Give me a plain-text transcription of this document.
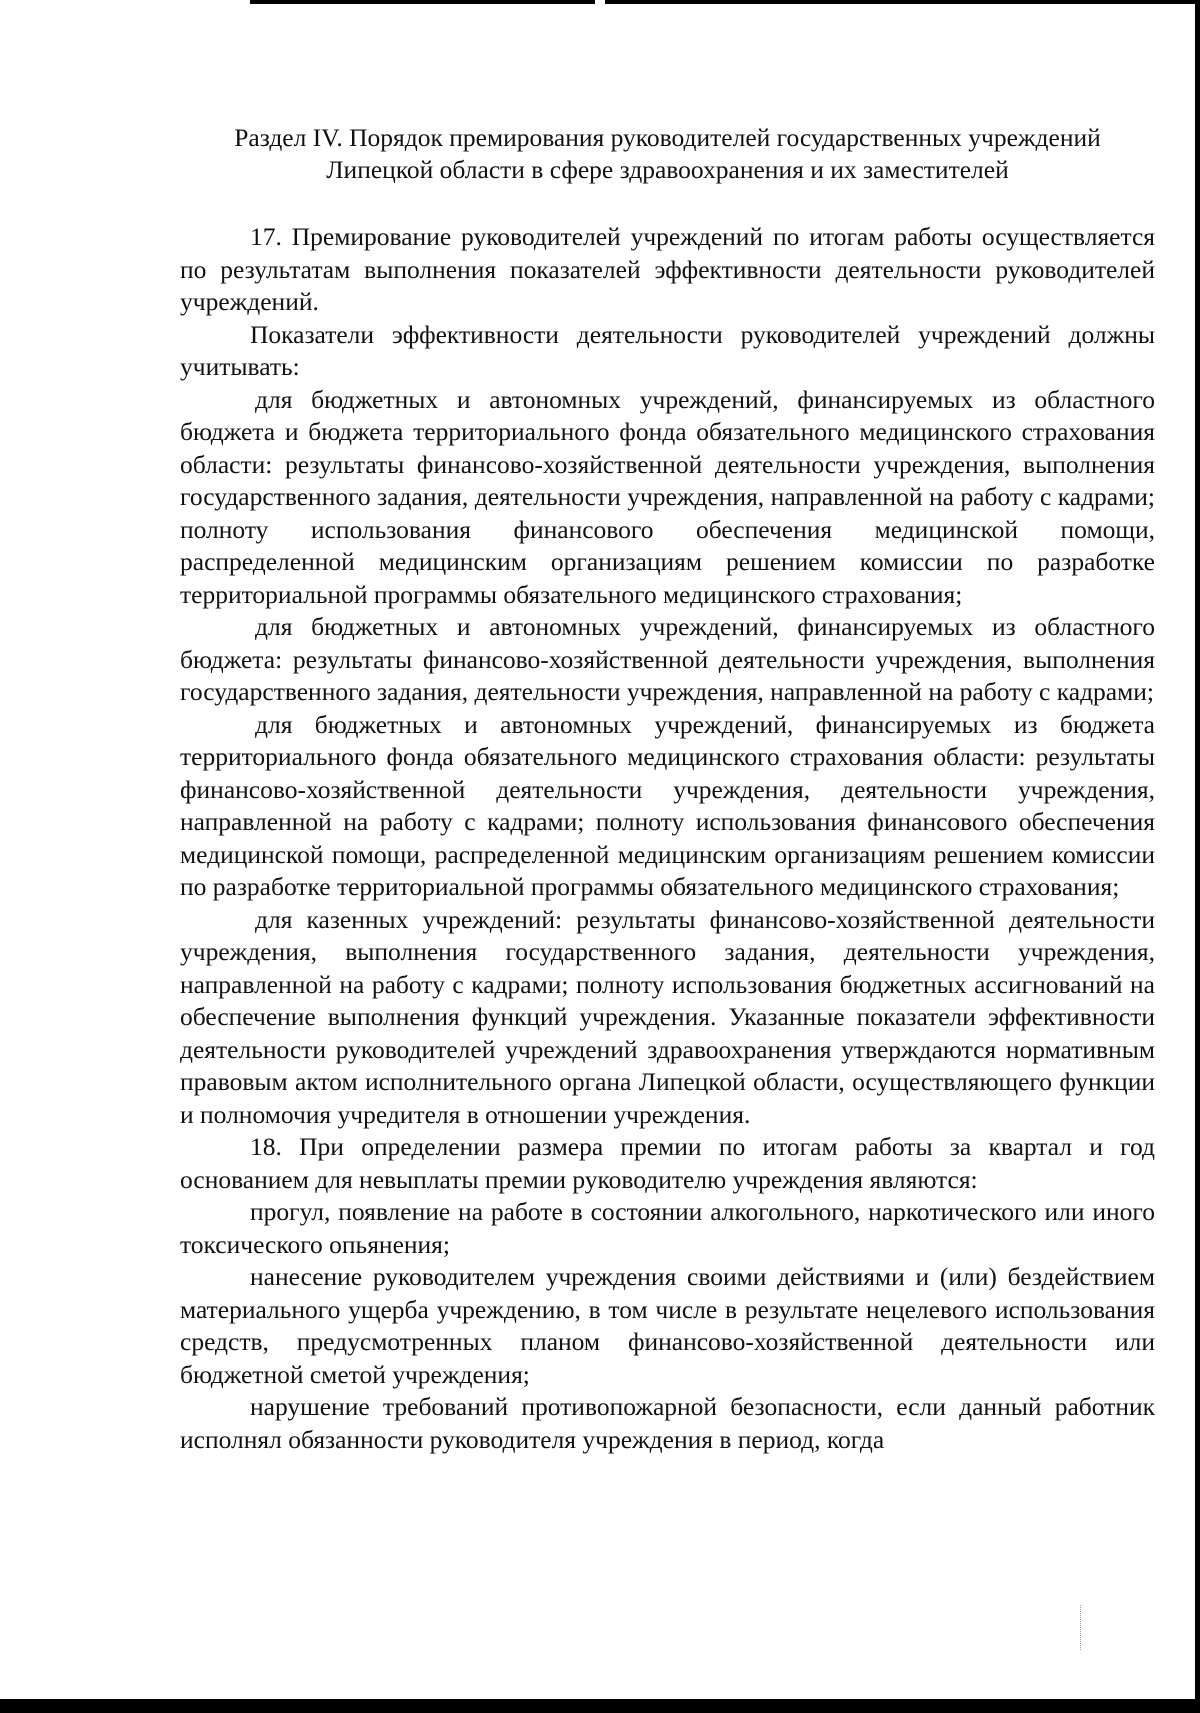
Раздел IV. Порядок премирования руководителей государственных учреждений
Липецкой области в сфере здравоохранения и их заместителей

17. Премирование руководителей учреждений по итогам работы осуществляется по результатам выполнения показателей эффективности деятельности руководителей учреждений.

Показатели эффективности деятельности руководителей учреждений должны учитывать:

для бюджетных и автономных учреждений, финансируемых из областного бюджета и бюджета территориального фонда обязательного медицинского страхования области: результаты финансово-хозяйственной деятельности учреждения, выполнения государственного задания, деятельности учреждения, направленной на работу с кадрами; полноту использования финансового обеспечения медицинской помощи, распределенной медицинским организациям решением комиссии по разработке территориальной программы обязательного медицинского страхования;

для бюджетных и автономных учреждений, финансируемых из областного бюджета: результаты финансово-хозяйственной деятельности учреждения, выполнения государственного задания, деятельности учреждения, направленной на работу с кадрами;

для бюджетных и автономных учреждений, финансируемых из бюджета территориального фонда обязательного медицинского страхования области: результаты финансово-хозяйственной деятельности учреждения, деятельности учреждения, направленной на работу с кадрами; полноту использования финансового обеспечения медицинской помощи, распределенной медицинским организациям решением комиссии по разработке территориальной программы обязательного медицинского страхования;

для казенных учреждений: результаты финансово-хозяйственной деятельности учреждения, выполнения государственного задания, деятельности учреждения, направленной на работу с кадрами; полноту использования бюджетных ассигнований на обеспечение выполнения функций учреждения. Указанные показатели эффективности деятельности руководителей учреждений здравоохранения утверждаются нормативным правовым актом исполнительного органа Липецкой области, осуществляющего функции и полномочия учредителя в отношении учреждения.

18. При определении размера премии по итогам работы за квартал и год основанием для невыплаты премии руководителю учреждения являются:

прогул, появление на работе в состоянии алкогольного, наркотического или иного токсического опьянения;

нанесение руководителем учреждения своими действиями и (или) бездействием материального ущерба учреждению, в том числе в результате нецелевого использования средств, предусмотренных планом финансово-хозяйственной деятельности или бюджетной сметой учреждения;

нарушение требований противопожарной безопасности, если данный работник исполнял обязанности руководителя учреждения в период, когда
